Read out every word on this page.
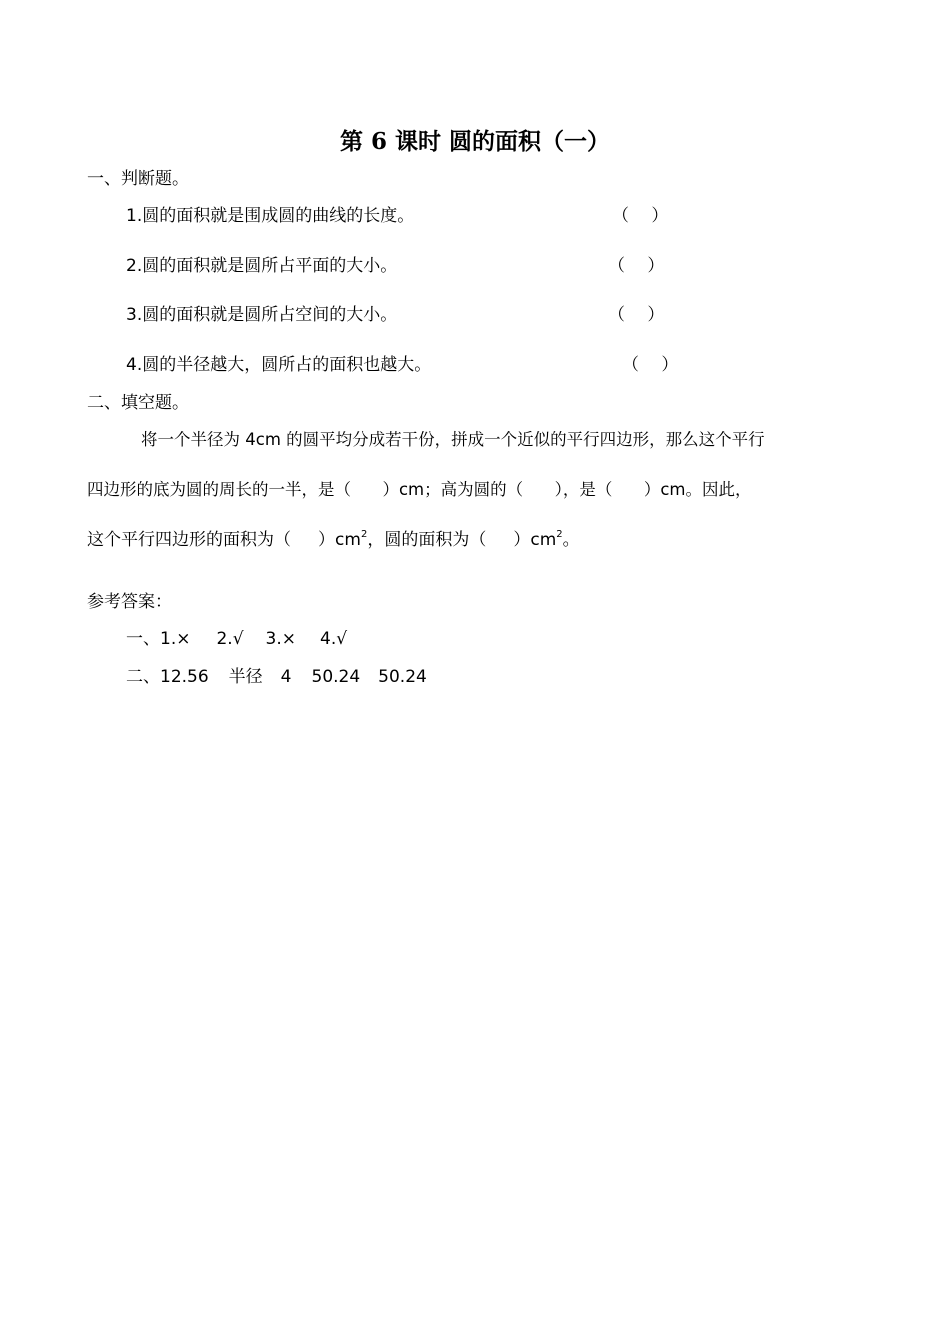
第 6 课时 圆的面积（一）
一、判断题。
1.圆的面积就是围成圆的曲线的长度。	（　 ）
2.圆的面积就是圆所占平面的大小。	（　 ）
3.圆的面积就是圆所占空间的大小。	（　 ）
4.圆的半径越大，圆所占的面积也越大。	（　 ）
二、填空题。
将一个半径为 4cm 的圆平均分成若干份，拼成一个近似的平行四边形，那么这个平行
四边形的底为圆的周长的一半，是（ ）cm；高为圆的（ ），是（ ）cm。因此，
这个平行四边形的面积为（ ）$cm^2$，圆的面积为（ ）$cm^2$。
参考答案：
一、1.× 2.√ 3.× 4.√
二、12.56 半径 4 50.24 50.24
